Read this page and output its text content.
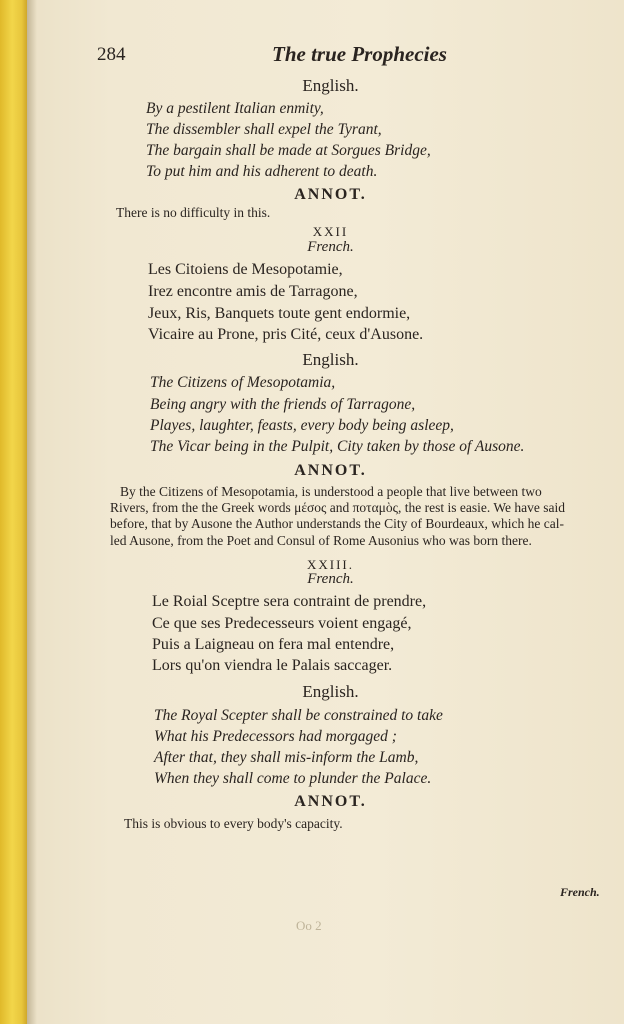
284	The true Prophecies
English.
By a pestilent Italian enmity,
The dissembler shall expel the Tyrant,
The bargain shall be made at Sorgues Bridge,
To put him and his adherent to death.
ANNOT.
There is no difficulty in this.
XXII
French.
Les Citoiens de Mesopotamie,
Irez encontre amis de Tarragone,
Jeux, Ris, Banquets toute gent endormie,
Vicaire au Prone, pris Cité, ceux d'Ausone.
English.
The Citizens of Mesopotamia,
Being angry with the friends of Tarragone,
Playes, laughter, feasts, every body being asleep,
The Vicar being in the Pulpit, City taken by those of Ausone.
ANNOT.
By the Citizens of Mesopotamia, is understood a people that live between two
Rivers, from the the Greek words μέσος and ποταμὸς, the rest is easie. We have said
before, that by Ausone the Author understands the City of Bourdeaux, which he cal-
led Ausone, from the Poet and Consul of Rome Ausonius who was born there.
XXIII.
French.
Le Roial Sceptre sera contraint de prendre,
Ce que ses Predecesseurs voient engagé,
Puis a Laigneau on fera mal entendre,
Lors qu'on viendra le Palais saccager.
English.
The Royal Scepter shall be constrained to take
What his Predecessors had morgaged ;
After that, they shall mis-inform the Lamb,
When they shall come to plunder the Palace.
ANNOT.
This is obvious to every body's capacity.
French.
Oo 2
